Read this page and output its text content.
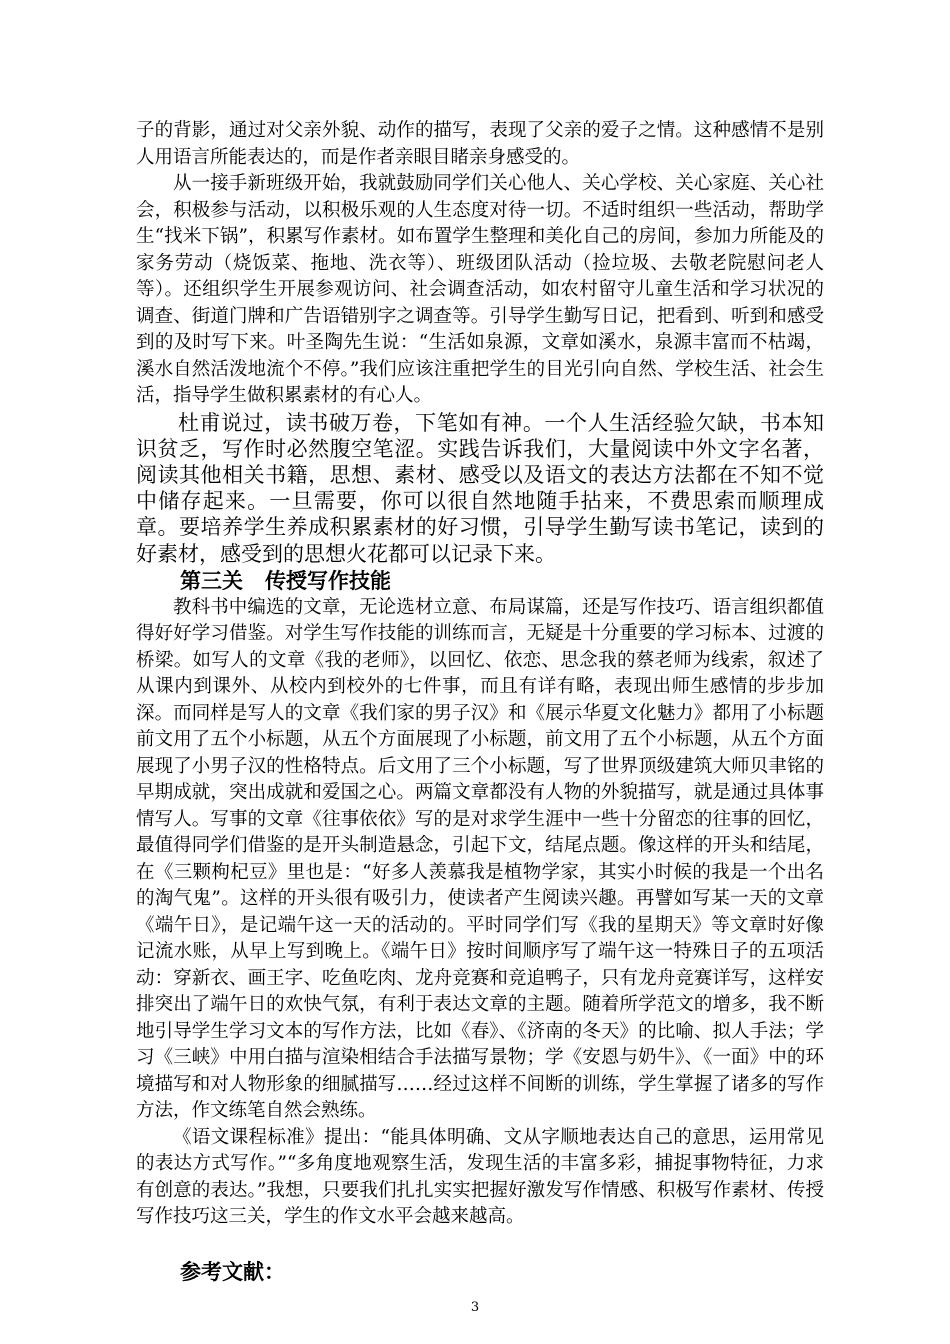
子的背影，通过对父亲外貌、动作的描写，表现了父亲的爱子之情。这种感情不是别人用语言所能表达的，而是作者亲眼目睹亲身感受的。

从一接手新班级开始，我就鼓励同学们关心他人、关心学校、关心家庭、关心社会，积极参与活动，以积极乐观的人生态度对待一切。不适时组织一些活动，帮助学生“找米下锅”，积累写作素材。如布置学生整理和美化自己的房间，参加力所能及的家务劳动（烧饭菜、拖地、洗衣等）、班级团队活动（捡垃圾、去敬老院慰问老人等）。还组织学生开展参观访问、社会调查活动，如农村留守儿童生活和学习状况的调查、街道门牌和广告语错别字之调查等。引导学生勤写日记，把看到、听到和感受到的及时写下来。叶圣陶先生说：“生活如泉源，文章如溪水，泉源丰富而不枯竭，溪水自然活泼地流个不停。”我们应该注重把学生的目光引向自然、学校生活、社会生活，指导学生做积累素材的有心人。

杜甫说过，读书破万卷，下笔如有神。一个人生活经验欠缺，书本知识贫乏，写作时必然腹空笔涩。实践告诉我们，大量阅读中外文字名著，阅读其他相关书籍，思想、素材、感受以及语文的表达方法都在不知不觉中储存起来。一旦需要，你可以很自然地随手拈来，不费思索而顺理成章。要培养学生养成积累素材的好习惯，引导学生勤写读书笔记，读到的好素材，感受到的思想火花都可以记录下来。

第三关 传授写作技能

教科书中编选的文章，无论选材立意、布局谋篇，还是写作技巧、语言组织都值得好好学习借鉴。对学生写作技能的训练而言，无疑是十分重要的学习标本、过渡的桥梁。如写人的文章《我的老师》，以回忆、依恋、思念我的蔡老师为线索，叙述了从课内到课外、从校内到校外的七件事，而且有详有略，表现出师生感情的步步加深。而同样是写人的文章《我们家的男子汉》和《展示华夏文化魅力》都用了小标题前文用了五个小标题，从五个方面展现了小标题，前文用了五个小标题，从五个方面展现了小男子汉的性格特点。后文用了三个小标题，写了世界顶级建筑大师贝聿铭的早期成就，突出成就和爱国之心。两篇文章都没有人物的外貌描写，就是通过具体事情写人。写事的文章《往事依依》写的是对求学生涯中一些十分留恋的往事的回忆，最值得同学们借鉴的是开头制造悬念，引起下文，结尾点题。像这样的开头和结尾，在《三颗枸杞豆》里也是：“好多人羡慕我是植物学家，其实小时候的我是一个出名的淘气鬼”。这样的开头很有吸引力，使读者产生阅读兴趣。再譬如写某一天的文章《端午日》，是记端午这一天的活动的。平时同学们写《我的星期天》等文章时好像记流水账，从早上写到晚上。《端午日》按时间顺序写了端午这一特殊日子的五项活动：穿新衣、画王字、吃鱼吃肉、龙舟竞赛和竞追鸭子，只有龙舟竞赛详写，这样安排突出了端午日的欢快气氛，有利于表达文章的主题。随着所学范文的增多，我不断地引导学生学习文本的写作方法，比如《春》、《济南的冬天》的比喻、拟人手法；学习《三峡》中用白描与渲染相结合手法描写景物；学《安恩与奶牛》、《一面》中的环境描写和对人物形象的细腻描写……经过这样不间断的训练，学生掌握了诸多的写作方法，作文练笔自然会熟练。

《语文课程标准》提出：“能具体明确、文从字顺地表达自己的意思，运用常见的表达方式写作。”“多角度地观察生活，发现生活的丰富多彩，捕捉事物特征，力求有创意的表达。”我想，只要我们扎扎实实把握好激发写作情感、积极写作素材、传授写作技巧这三关，学生的作文水平会越来越高。

参考文献：

3
